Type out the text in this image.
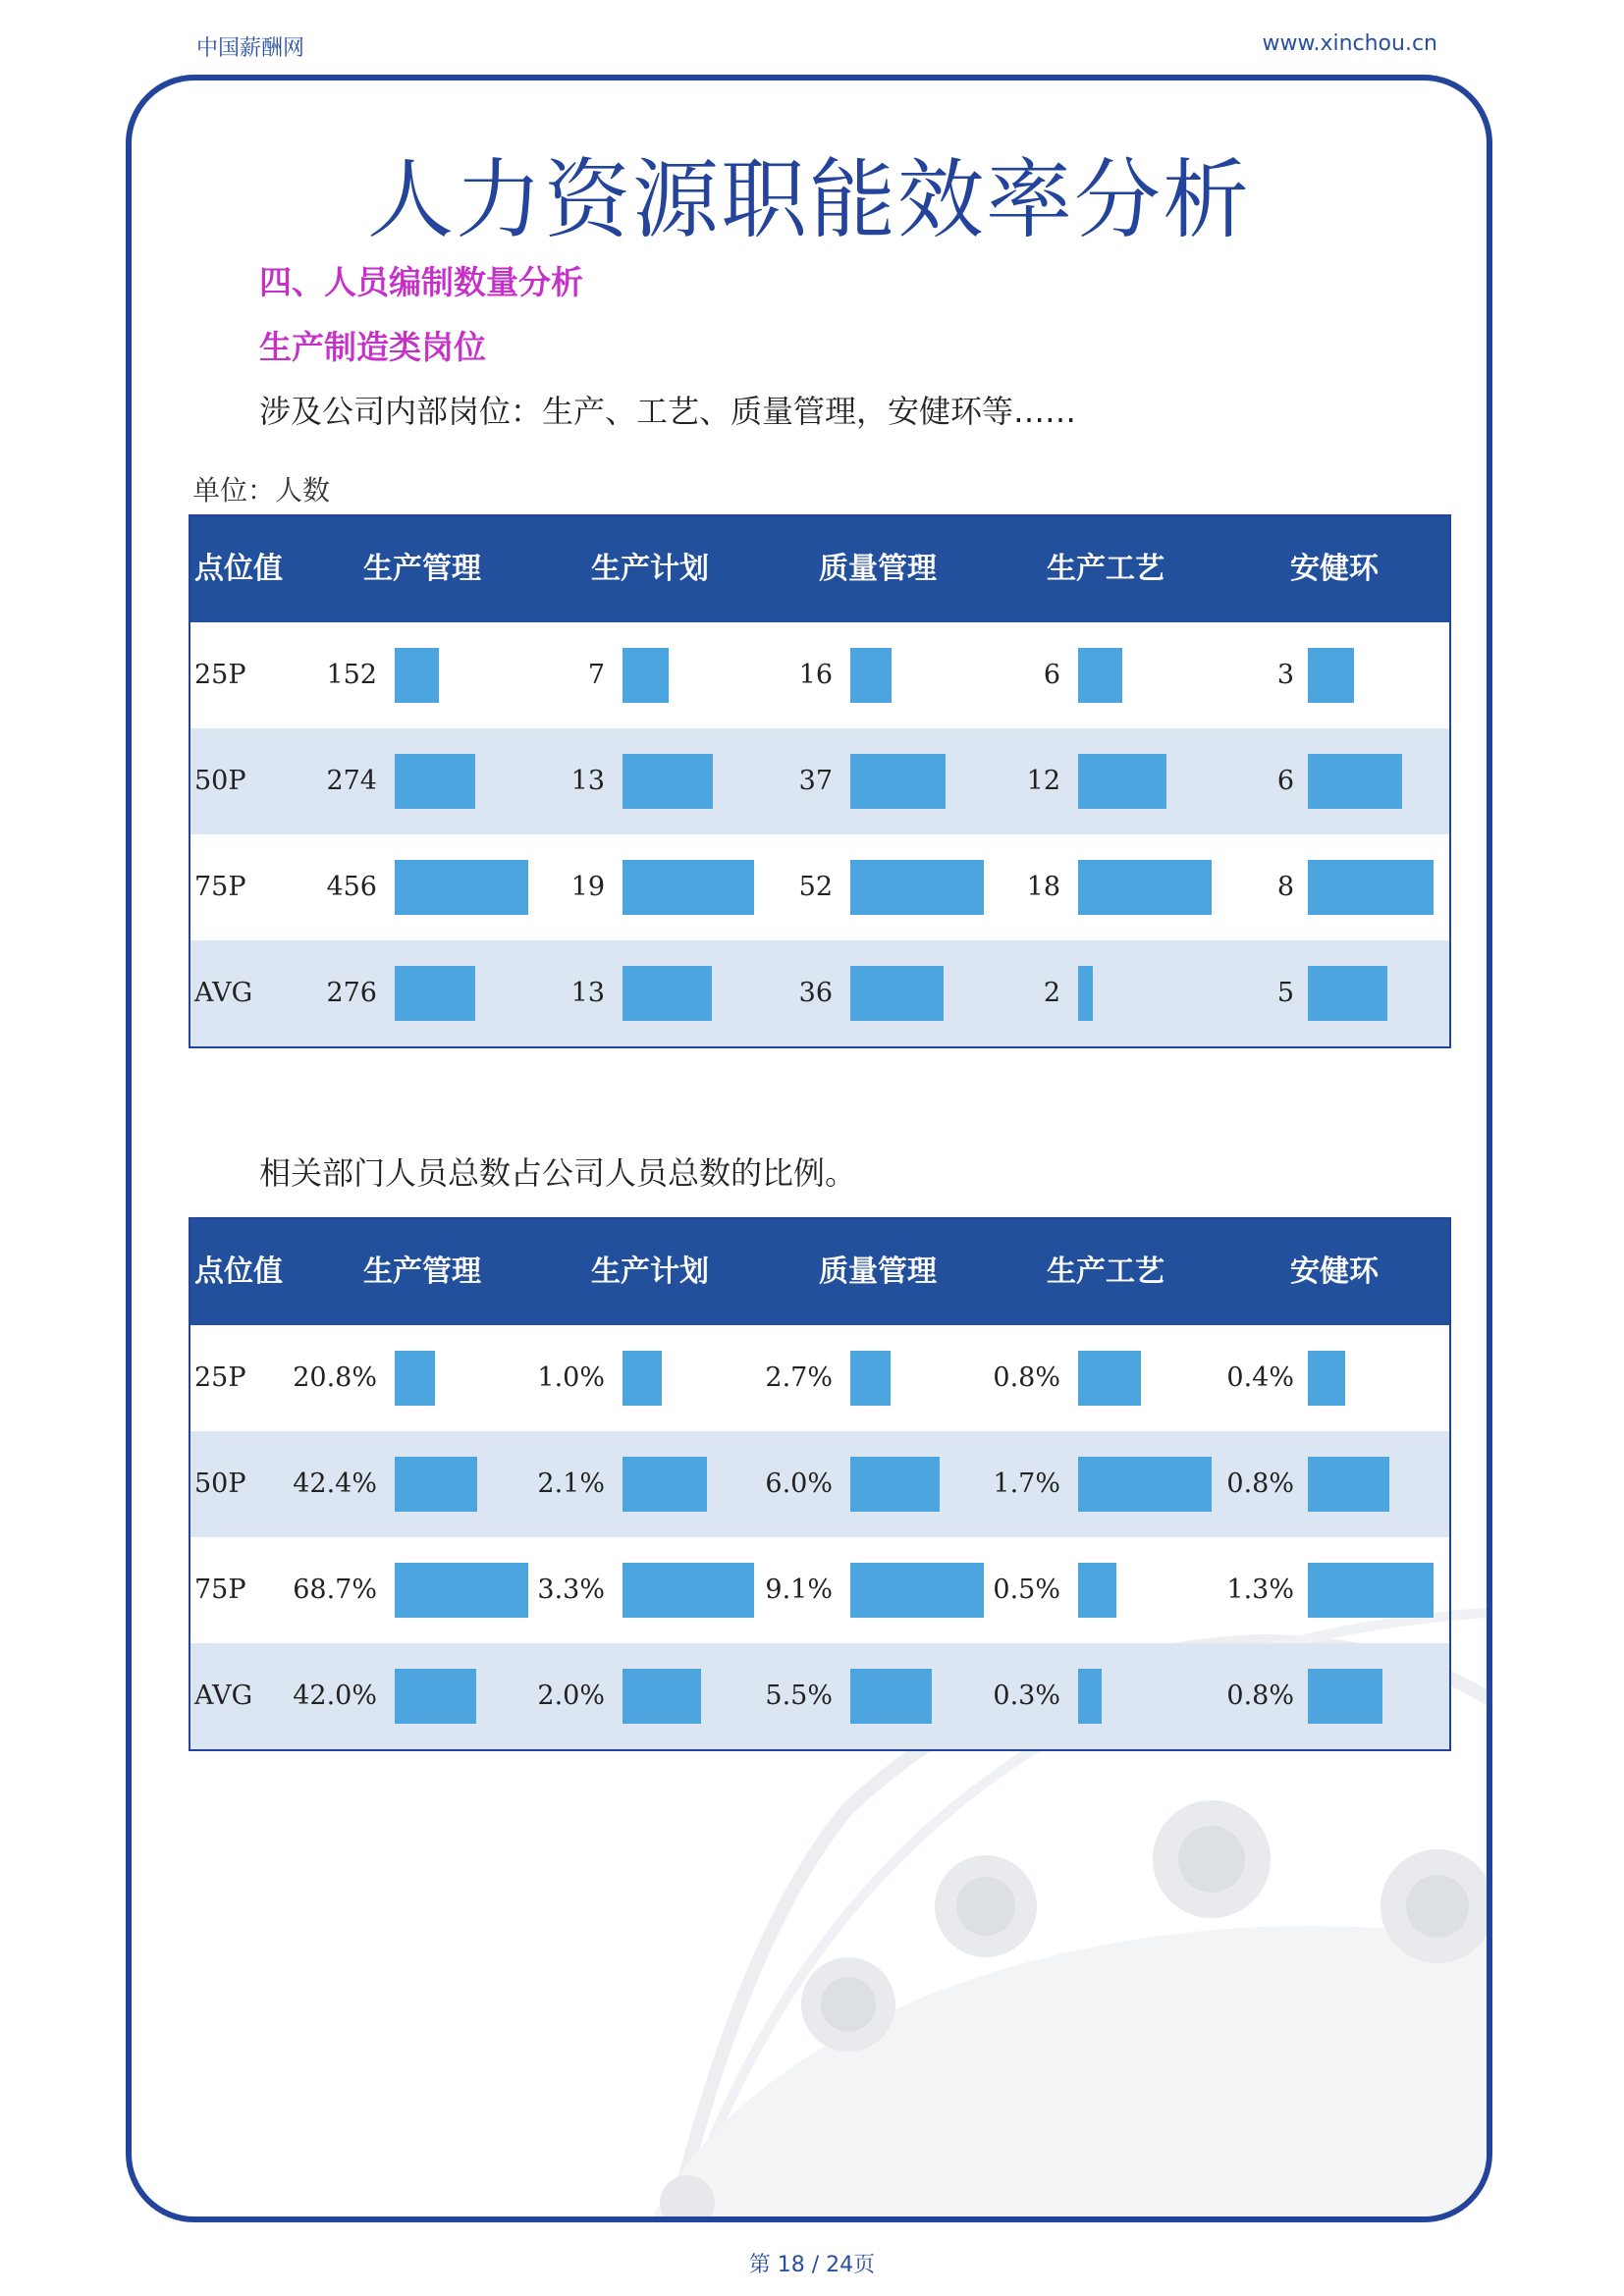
中国薪酬网	www.xinchou.cn
人力资源职能效率分析
四、人员编制数量分析
生产制造类岗位
涉及公司内部岗位：生产、工艺、质量管理，安健环等……
单位：人数
点位值	生产管理	生产计划	质量管理	生产工艺	安健环
25P	152	7	16	6	3
50P	274	13	37	12	6
75P	456	19	52	18	8
AVG	276	13	36	2	5
相关部门人员总数占公司人员总数的比例。
点位值	生产管理	生产计划	质量管理	生产工艺	安健环
25P	20.8%	1.0%	2.7%	0.8%	0.4%
50P	42.4%	2.1%	6.0%	1.7%	0.8%
75P	68.7%	3.3%	9.1%	0.5%	1.3%
AVG	42.0%	2.0%	5.5%	0.3%	0.8%
第 18 / 24页
